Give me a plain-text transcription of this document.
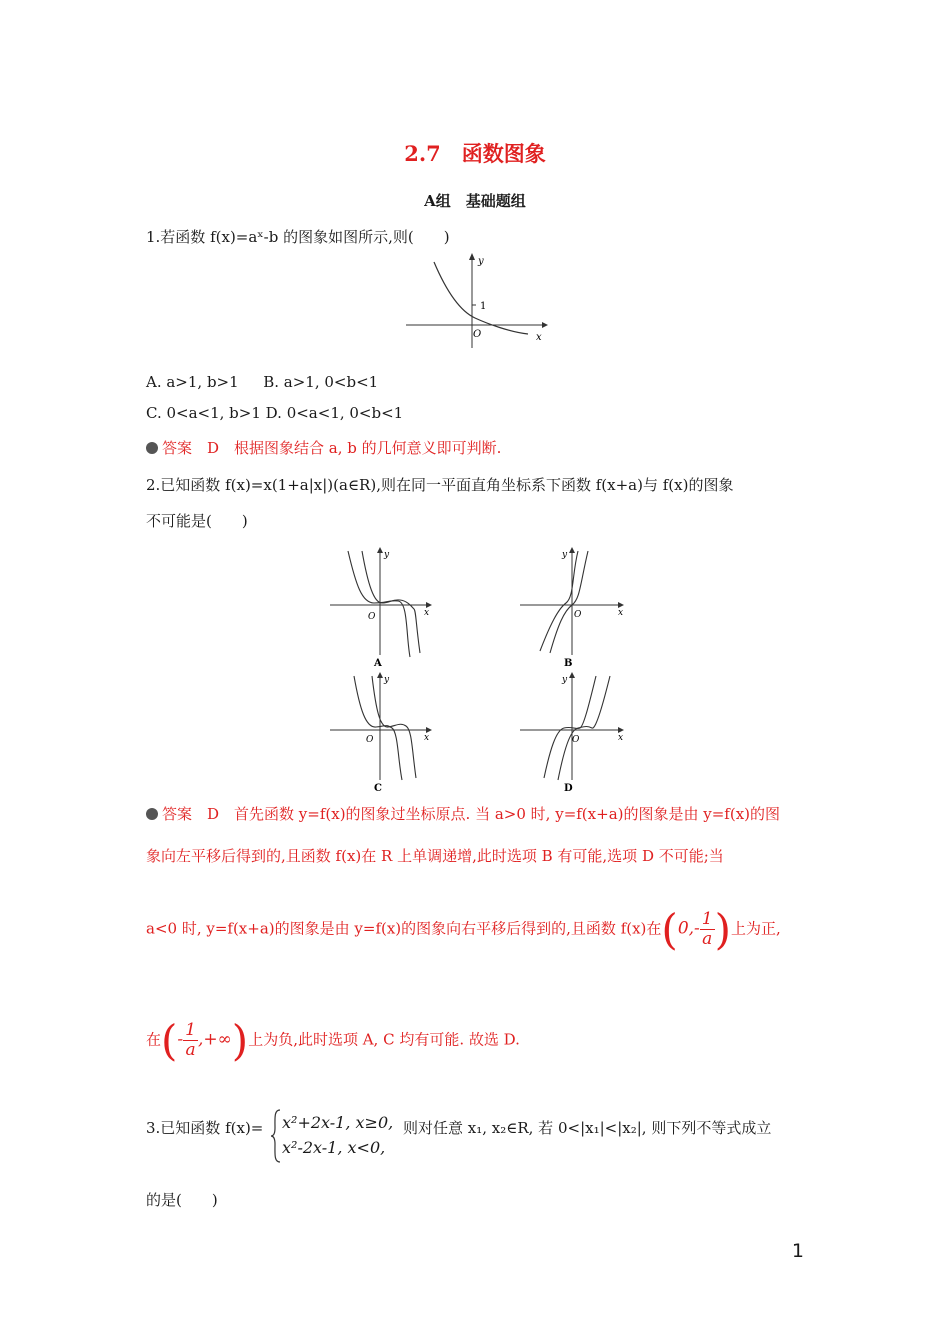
2.7　函数图象
A组　基础题组
1.若函数 f(x)=aˣ-b 的图象如图所示,则(　　)
y
x
O
1
A. a>1, b>1 　 B. a>1, 0<b<1
C. 0<a<1, b>1 D. 0<a<1, 0<b<1
答案　D　根据图象结合 a, b 的几何意义即可判断.
2.已知函数 f(x)=x(1+a|x|)(a∈R),则在同一平面直角坐标系下函数 f(x+a)与 f(x)的图象
不可能是(　　)
y
x
O
A
y
x
O
B
y
x
O
C
y
x
O
D
答案　D　首先函数 y=f(x)的图象过坐标原点. 当 a>0 时, y=f(x+a)的图象是由 y=f(x)的图
象向左平移后得到的,且函数 f(x)在 R 上单调递增,此时选项 B 有可能,选项 D 不可能;当
a<0 时, y=f(x+a)的图象是由 y=f(x)的图象向右平移后得到的,且函数 f(x)在($0,- \frac{1}{a}$ )上为正,
在(- $\frac{1}{a}$ ,+∞)上为负,此时选项 A, C 均有可能. 故选 D.
3.已知函数 f(x)= x²+2x-1, x≥0,
x²-2x-1, x<0,
则对任意 x₁, x₂∈R, 若 0<|x₁|<|x₂|, 则下列不等式成立
的是(　　)
1
